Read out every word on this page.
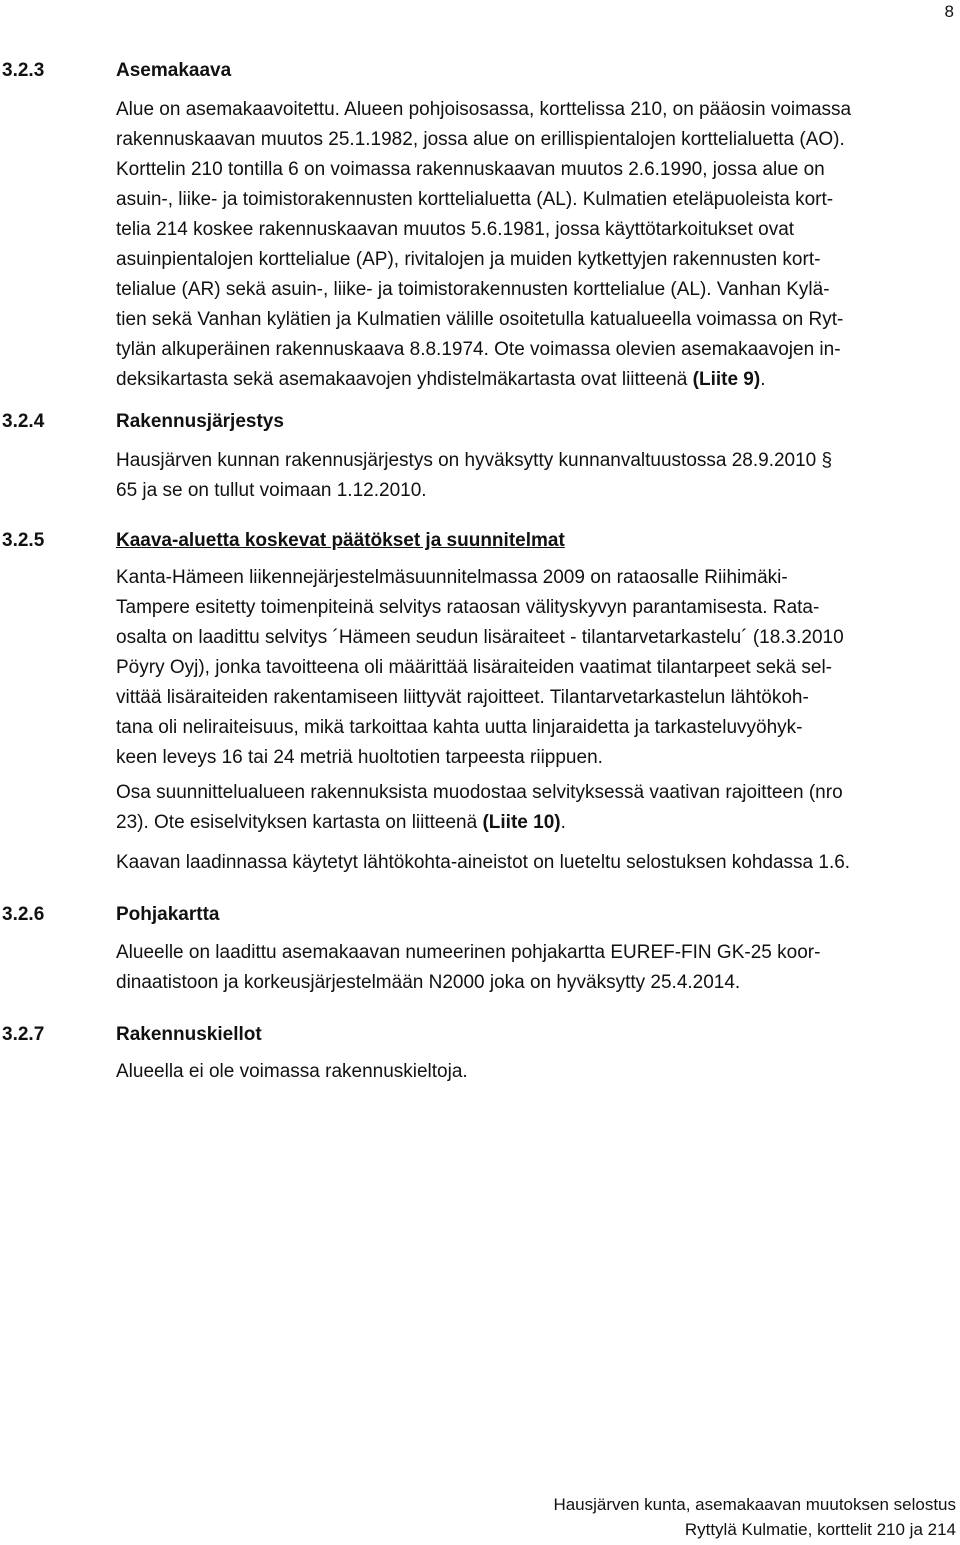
8
3.2.3	Asemakaava
Alue on asemakaavoitettu. Alueen pohjoisosassa, korttelissa 210, on pääosin voimassa
rakennuskaavan muutos 25.1.1982, jossa alue on erillispientalojen korttelialuetta (AO).
Korttelin 210 tontilla 6 on voimassa rakennuskaavan muutos 2.6.1990, jossa alue on
asuin-, liike- ja toimistorakennusten korttelialuetta (AL). Kulmatien eteläpuoleista kort-
telia 214 koskee rakennuskaavan muutos 5.6.1981, jossa käyttötarkoitukset ovat
asuinpientalojen korttelialue (AP), rivitalojen ja muiden kytkettyjen rakennusten kort-
telialue (AR) sekä asuin-, liike- ja toimistorakennusten korttelialue (AL). Vanhan Kylä-
tien sekä Vanhan kylätien ja Kulmatien välille osoitetulla katualueella voimassa on Ryt-
tylän alkuperäinen rakennuskaava 8.8.1974. Ote voimassa olevien asemakaavojen in-
deksikartasta sekä asemakaavojen yhdistelmäkartasta ovat liitteenä (Liite 9).
3.2.4	Rakennusjärjestys
Hausjärven kunnan rakennusjärjestys on hyväksytty kunnanvaltuustossa 28.9.2010 §
65 ja se on tullut voimaan 1.12.2010.
3.2.5	Kaava-aluetta koskevat päätökset ja suunnitelmat
Kanta-Hämeen liikennejärjestelmäsuunnitelmassa 2009 on rataosalle Riihimäki-
Tampere esitetty toimenpiteinä selvitys rataosan välityskyvyn parantamisesta. Rata-
osalta on laadittu selvitys ´Hämeen seudun lisäraiteet - tilantarvetarkastelu´ (18.3.2010
Pöyry Oyj), jonka tavoitteena oli määrittää lisäraiteiden vaatimat tilantarpeet sekä sel-
vittää lisäraiteiden rakentamiseen liittyvät rajoitteet. Tilantarvetarkastelun lähtökoh-
tana oli neliraiteisuus, mikä tarkoittaa kahta uutta linjaraidetta ja tarkasteluvyöhyk-
keen leveys 16 tai 24 metriä huoltotien tarpeesta riippuen.
Osa suunnittelualueen rakennuksista muodostaa selvityksessä vaativan rajoitteen (nro
23). Ote esiselvityksen kartasta on liitteenä (Liite 10).
Kaavan laadinnassa käytetyt lähtökohta-aineistot on lueteltu selostuksen kohdassa 1.6.
3.2.6	Pohjakartta
Alueelle on laadittu asemakaavan numeerinen pohjakartta EUREF-FIN GK-25 koor-
dinaatistoon ja korkeusjärjestelmään N2000 joka on hyväksytty 25.4.2014.
3.2.7	Rakennuskiellot
Alueella ei ole voimassa rakennuskieltoja.
Hausjärven kunta, asemakaavan muutoksen selostus
Ryttylä Kulmatie, korttelit 210 ja 214
